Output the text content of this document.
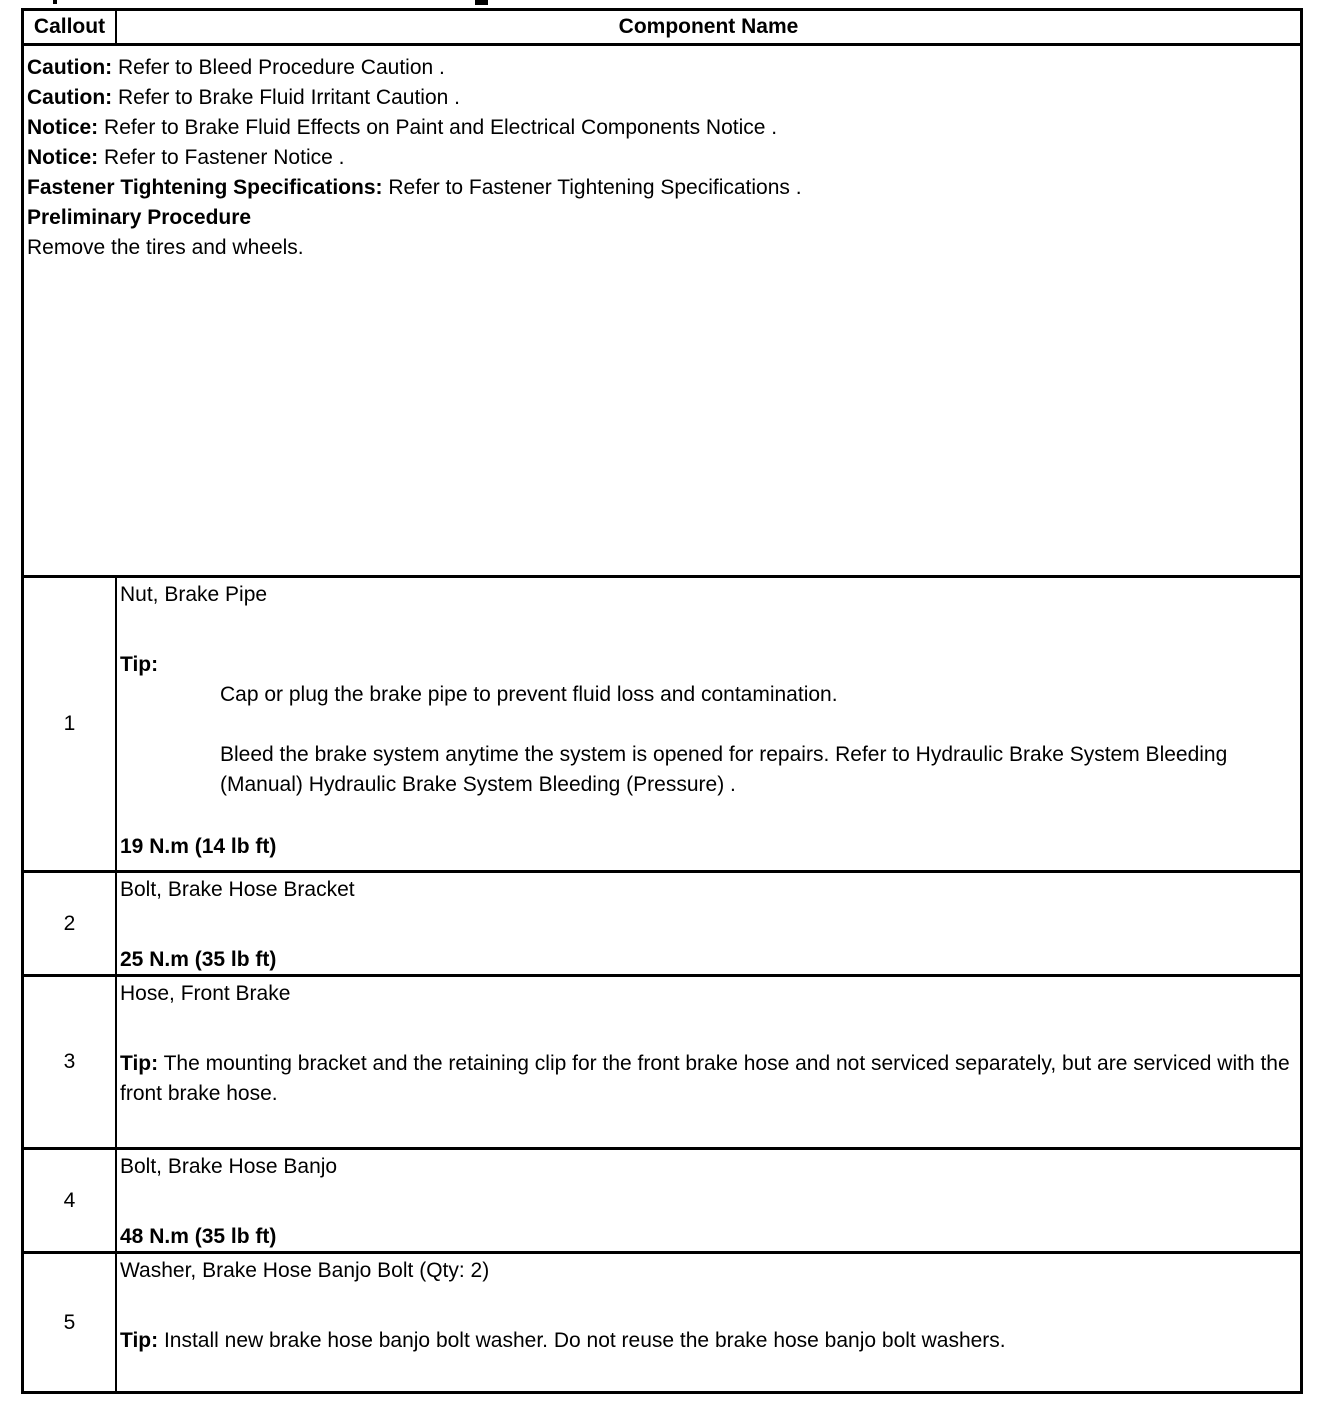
Callout	Component Name

Caution: Refer to Bleed Procedure Caution .

Caution: Refer to Brake Fluid Irritant Caution .

Notice: Refer to Brake Fluid Effects on Paint and Electrical Components Notice .

Notice: Refer to Fastener Notice .

Fastener Tightening Specifications: Refer to Fastener Tightening Specifications .

Preliminary Procedure

Remove the tires and wheels.

1
Nut, Brake Pipe
Tip:
Cap or plug the brake pipe to prevent fluid loss and contamination.
Bleed the brake system anytime the system is opened for repairs. Refer to Hydraulic Brake System Bleeding (Manual) Hydraulic Brake System Bleeding (Pressure) .
19 N.m (14 lb ft)
2
Bolt, Brake Hose Bracket
25 N.m (35 lb ft)
3
Hose, Front Brake
Tip: The mounting bracket and the retaining clip for the front brake hose and not serviced separately, but are serviced with the front brake hose.
4
Bolt, Brake Hose Banjo
48 N.m (35 lb ft)
5
Washer, Brake Hose Banjo Bolt (Qty: 2)
Tip: Install new brake hose banjo bolt washer. Do not reuse the brake hose banjo bolt washers.
